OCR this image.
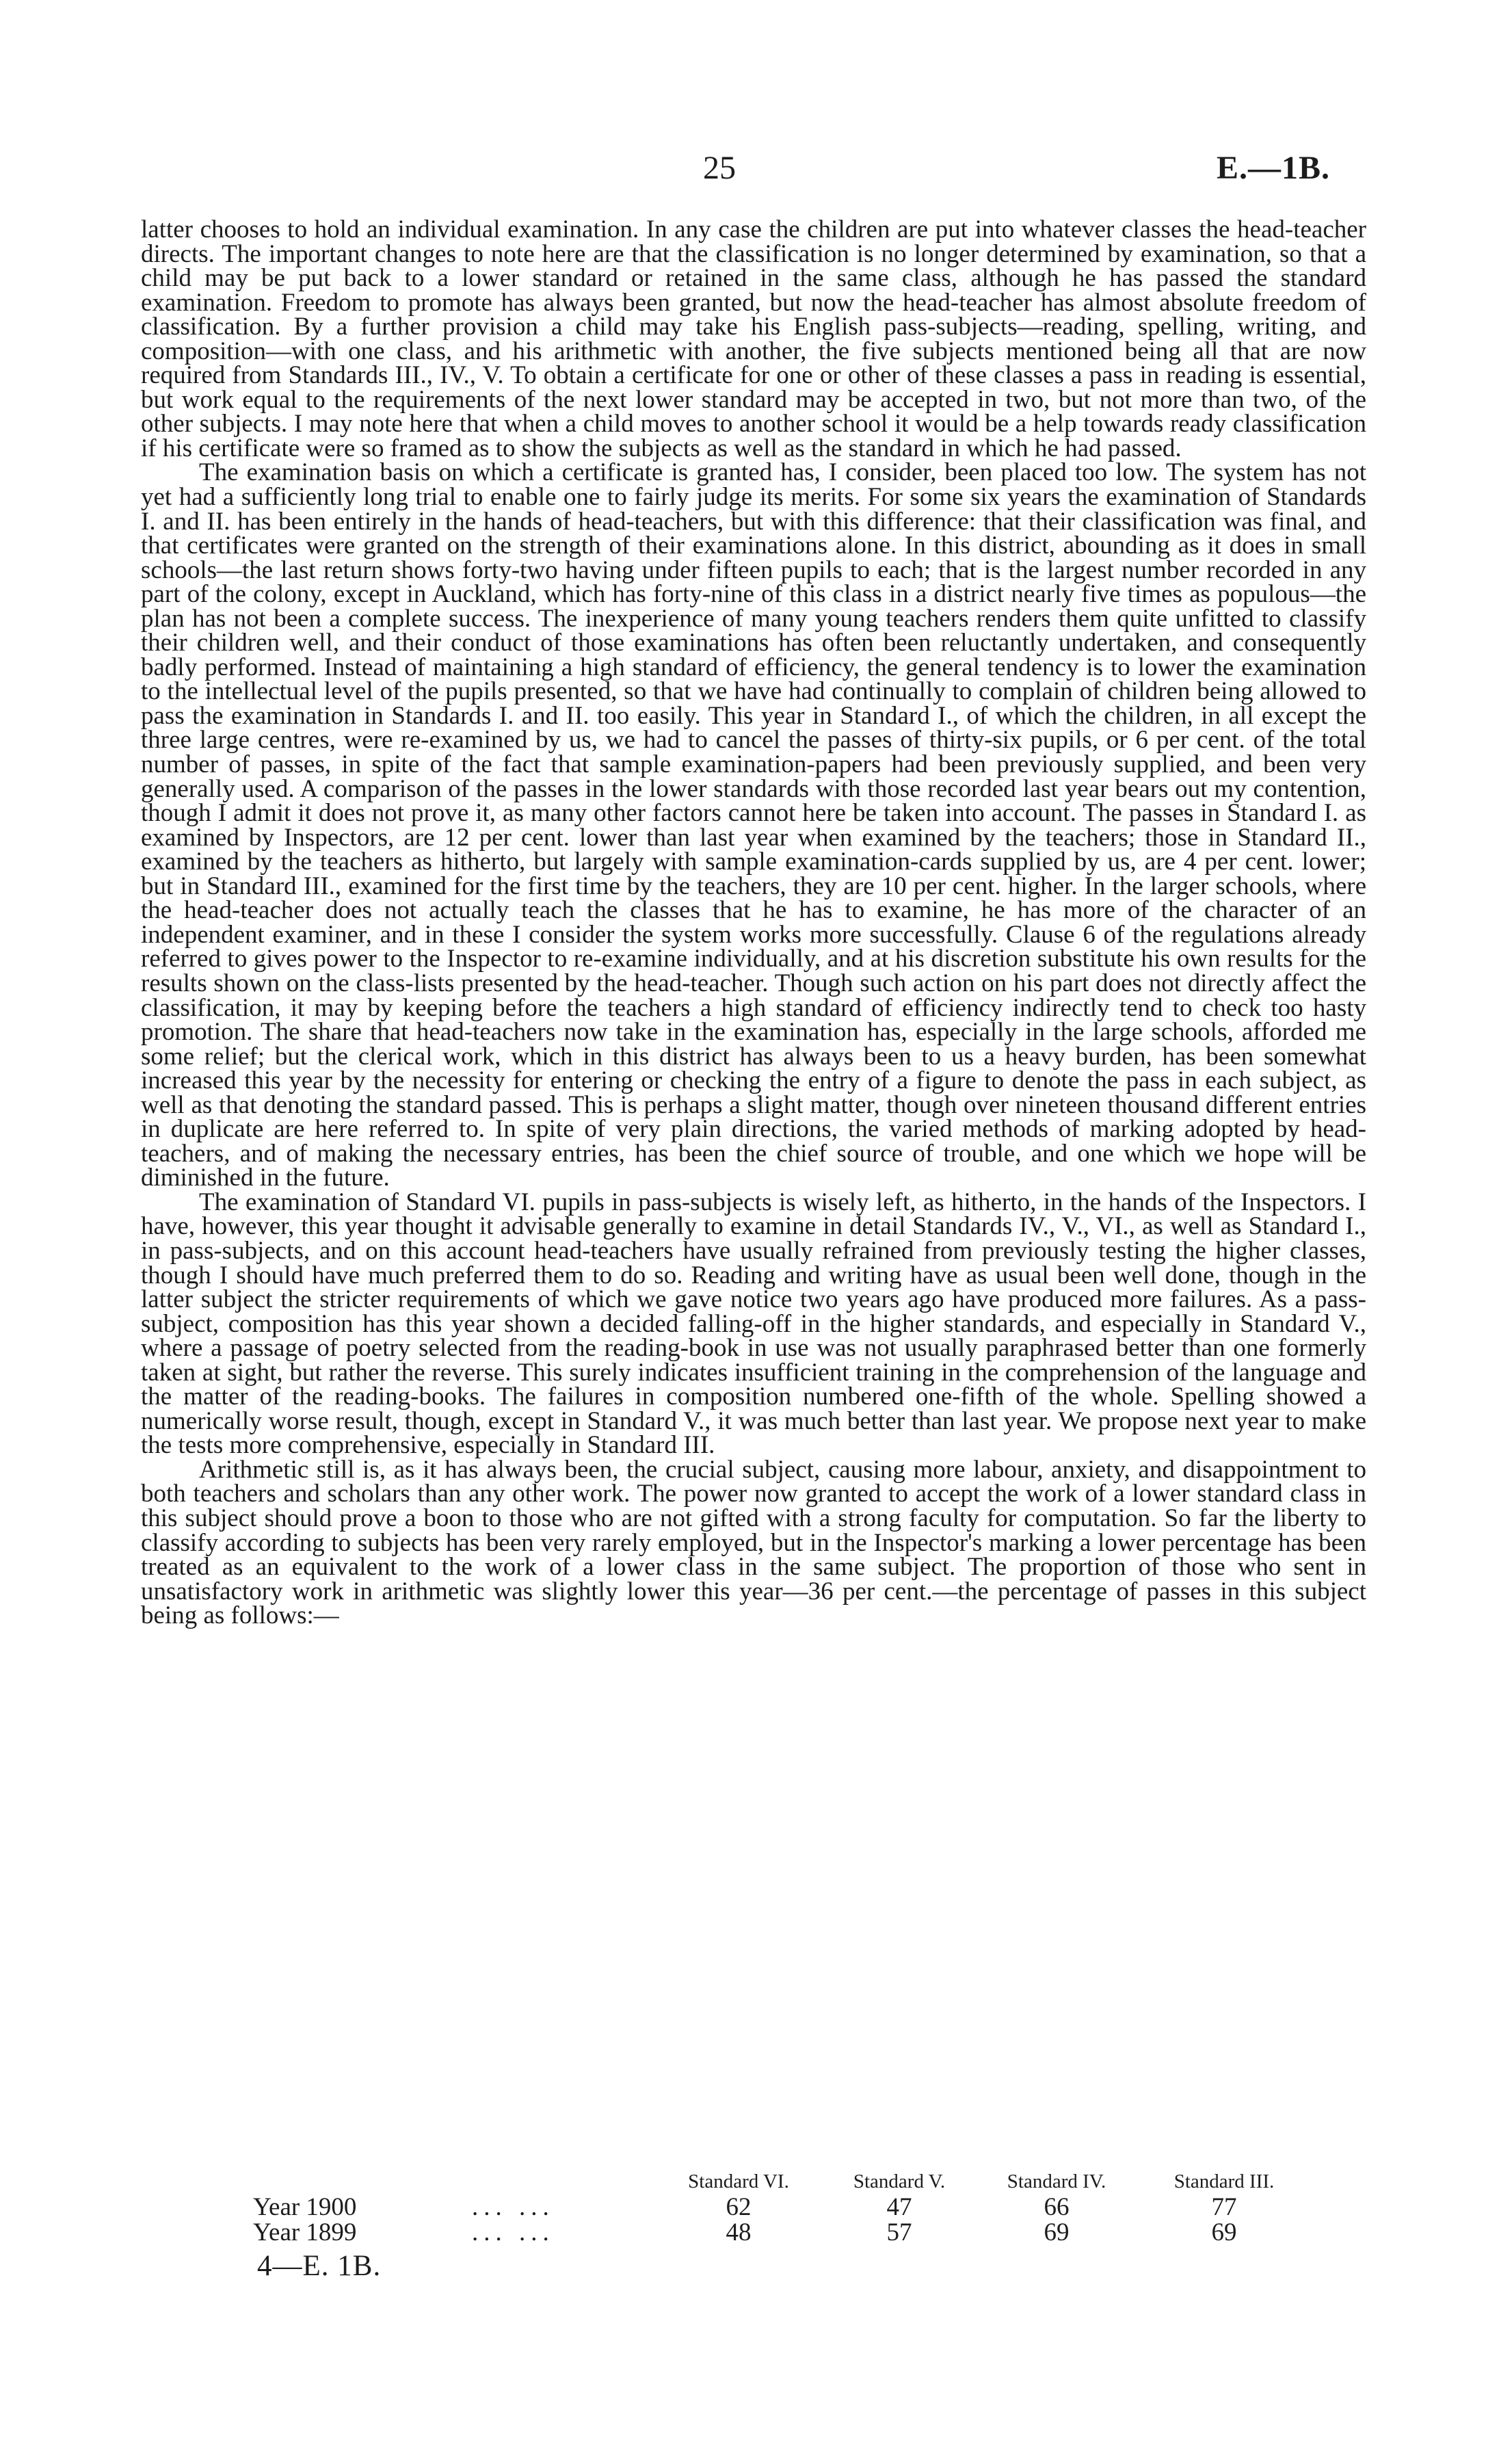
25	E.—1B.

latter chooses to hold an individual examination. In any case the children are put into whatever classes the head-teacher directs. The important changes to note here are that the classification is no longer determined by examination, so that a child may be put back to a lower standard or retained in the same class, although he has passed the standard examination. Freedom to promote has always been granted, but now the head-teacher has almost absolute freedom of classification. By a further provision a child may take his English pass-subjects—reading, spelling, writing, and composition—with one class, and his arithmetic with another, the five subjects mentioned being all that are now required from Standards III., IV., V. To obtain a certificate for one or other of these classes a pass in reading is essential, but work equal to the requirements of the next lower standard may be accepted in two, but not more than two, of the other subjects. I may note here that when a child moves to another school it would be a help towards ready classification if his certificate were so framed as to show the subjects as well as the standard in which he had passed.

The examination basis on which a certificate is granted has, I consider, been placed too low. The system has not yet had a sufficiently long trial to enable one to fairly judge its merits. For some six years the examination of Standards I. and II. has been entirely in the hands of head-teachers, but with this difference: that their classification was final, and that certificates were granted on the strength of their examinations alone. In this district, abounding as it does in small schools—the last return shows forty-two having under fifteen pupils to each; that is the largest number recorded in any part of the colony, except in Auckland, which has forty-nine of this class in a district nearly five times as populous—the plan has not been a complete success. The inexperience of many young teachers renders them quite unfitted to classify their children well, and their conduct of those examinations has often been reluctantly undertaken, and consequently badly performed. Instead of maintaining a high standard of efficiency, the general tendency is to lower the examination to the intellectual level of the pupils presented, so that we have had continually to complain of children being allowed to pass the examination in Standards I. and II. too easily. This year in Standard I., of which the children, in all except the three large centres, were re-examined by us, we had to cancel the passes of thirty-six pupils, or 6 per cent. of the total number of passes, in spite of the fact that sample examination-papers had been previously supplied, and been very generally used. A comparison of the passes in the lower standards with those recorded last year bears out my contention, though I admit it does not prove it, as many other factors cannot here be taken into account. The passes in Standard I. as examined by Inspectors, are 12 per cent. lower than last year when examined by the teachers; those in Standard II., examined by the teachers as hitherto, but largely with sample examination-cards supplied by us, are 4 per cent. lower; but in Standard III., examined for the first time by the teachers, they are 10 per cent. higher. In the larger schools, where the head-teacher does not actually teach the classes that he has to examine, he has more of the character of an independent examiner, and in these I consider the system works more successfully. Clause 6 of the regulations already referred to gives power to the Inspector to re-examine individually, and at his discretion substitute his own results for the results shown on the class-lists presented by the head-teacher. Though such action on his part does not directly affect the classification, it may by keeping before the teachers a high standard of efficiency indirectly tend to check too hasty promotion. The share that head-teachers now take in the examination has, especially in the large schools, afforded me some relief; but the clerical work, which in this district has always been to us a heavy burden, has been somewhat increased this year by the necessity for entering or checking the entry of a figure to denote the pass in each subject, as well as that denoting the standard passed. This is perhaps a slight matter, though over nineteen thousand different entries in duplicate are here referred to. In spite of very plain directions, the varied methods of marking adopted by head-teachers, and of making the necessary entries, has been the chief source of trouble, and one which we hope will be diminished in the future.

The examination of Standard VI. pupils in pass-subjects is wisely left, as hitherto, in the hands of the Inspectors. I have, however, this year thought it advisable generally to examine in detail Standards IV., V., VI., as well as Standard I., in pass-subjects, and on this account head-teachers have usually refrained from previously testing the higher classes, though I should have much preferred them to do so. Reading and writing have as usual been well done, though in the latter subject the stricter requirements of which we gave notice two years ago have produced more failures. As a pass-subject, composition has this year shown a decided falling-off in the higher standards, and especially in Standard V., where a passage of poetry selected from the reading-book in use was not usually paraphrased better than one formerly taken at sight, but rather the reverse. This surely indicates insufficient training in the comprehension of the language and the matter of the reading-books. The failures in composition numbered one-fifth of the whole. Spelling showed a numerically worse result, though, except in Standard V., it was much better than last year. We propose next year to make the tests more comprehensive, especially in Standard III.

Arithmetic still is, as it has always been, the crucial subject, causing more labour, anxiety, and disappointment to both teachers and scholars than any other work. The power now granted to accept the work of a lower standard class in this subject should prove a boon to those who are not gifted with a strong faculty for computation. So far the liberty to classify according to subjects has been very rarely employed, but in the Inspector's marking a lower percentage has been treated as an equivalent to the work of a lower class in the same subject. The proportion of those who sent in unsatisfactory work in arithmetic was slightly lower this year—36 per cent.—the percentage of passes in this subject being as follows:—

		Standard VI.	Standard V.	Standard IV.	Standard III.
Year 1900	... ...	62	47	66	77
Year 1899	... ...	48	57	69	69
4—E. 1B.
